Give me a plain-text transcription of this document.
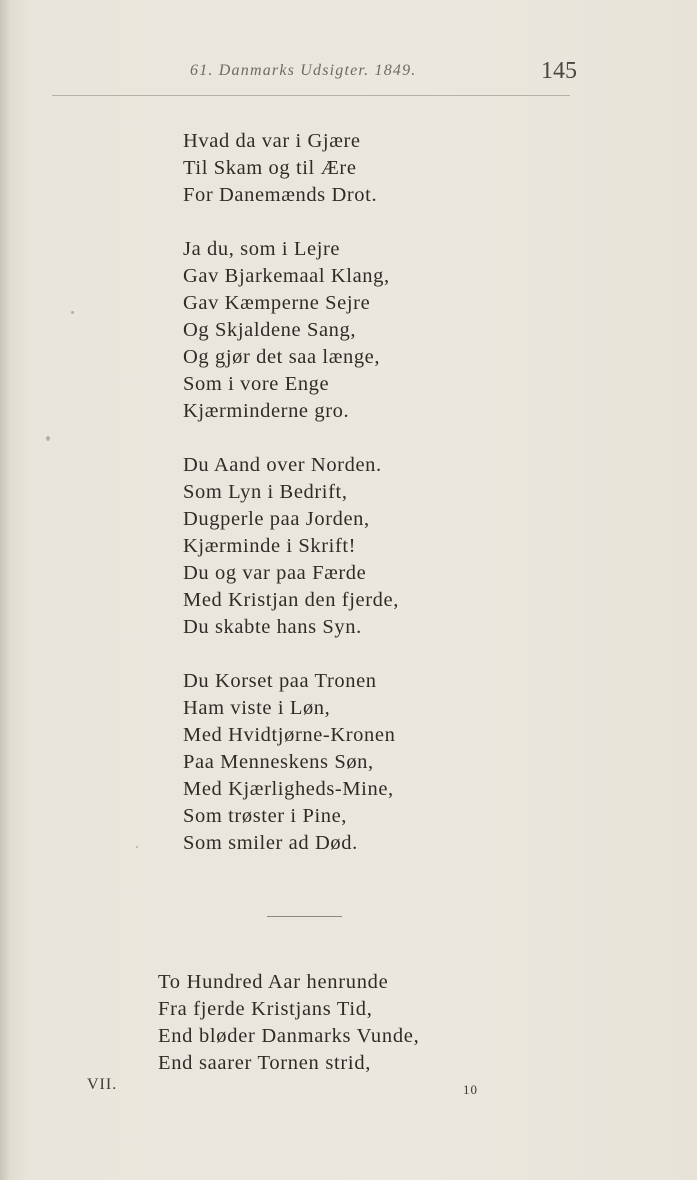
61. Danmarks Udsigter. 1849.	145
Hvad da var i Gjære
Til Skam og til Ære
For Danemænds Drot.
Ja du, som i Lejre
Gav Bjarkemaal Klang,
Gav Kæmperne Sejre
Og Skjaldene Sang,
Og gjør det saa længe,
Som i vore Enge
Kjærminderne gro.
Du Aand over Norden.
Som Lyn i Bedrift,
Dugperle paa Jorden,
Kjærminde i Skrift!
Du og var paa Færde
Med Kristjan den fjerde,
Du skabte hans Syn.
Du Korset paa Tronen
Ham viste i Løn,
Med Hvidtjørne-Kronen
Paa Menneskens Søn,
Med Kjærligheds-Mine,
Som trøster i Pine,
Som smiler ad Død.
To Hundred Aar henrunde
Fra fjerde Kristjans Tid,
End bløder Danmarks Vunde,
End saarer Tornen strid,
VII.	10
